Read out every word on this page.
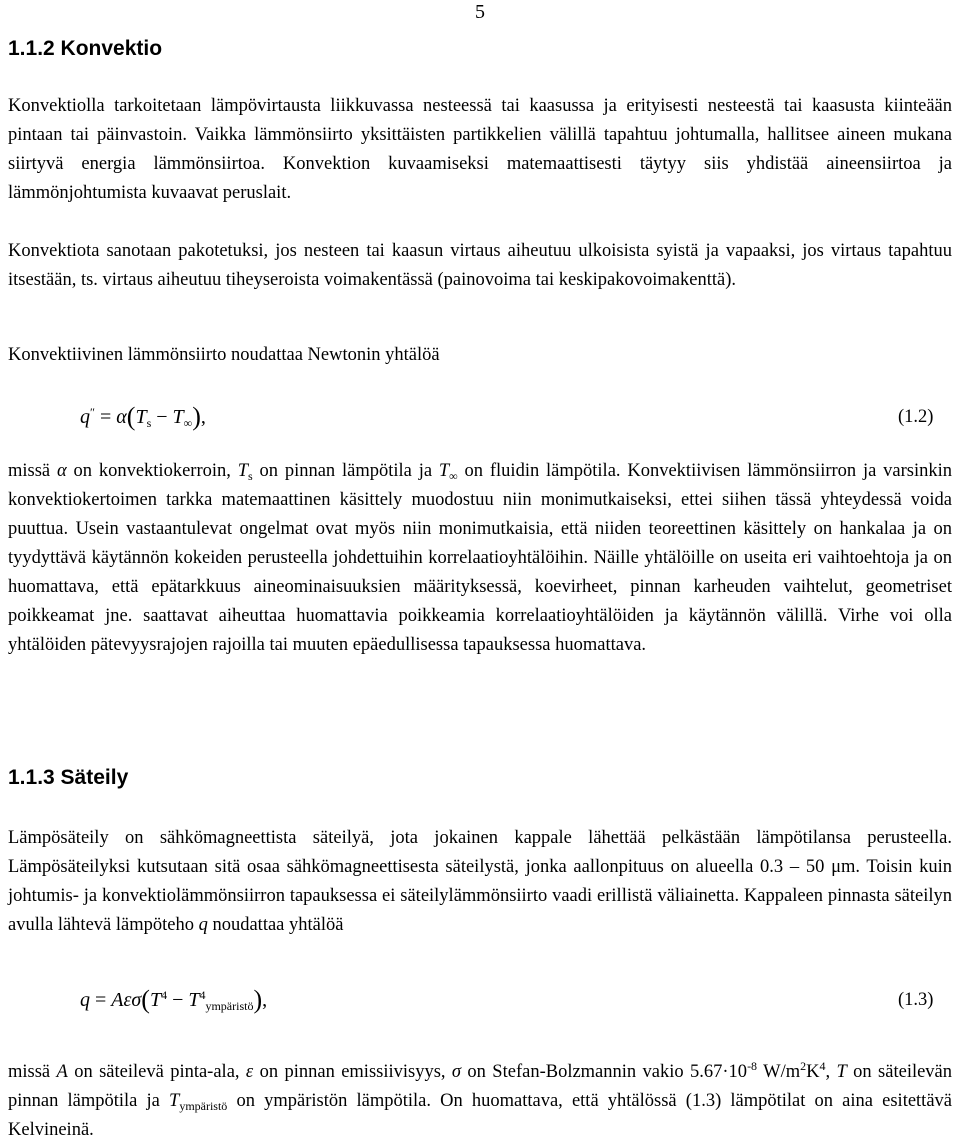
5
1.1.2 Konvektio

Konvektiolla tarkoitetaan lämpövirtausta liikkuvassa nesteessä tai kaasussa ja erityisesti nesteestä tai kaasusta kiinteään pintaan tai päinvastoin. Vaikka lämmönsiirto yksittäisten partikkelien välillä tapahtuu johtumalla, hallitsee aineen mukana siirtyvä energia lämmönsiirtoa. Konvektion kuvaamiseksi matemaattisesti täytyy siis yhdistää aineensiirtoa ja lämmönjohtumista kuvaavat peruslait.

Konvektiota sanotaan pakotetuksi, jos nesteen tai kaasun virtaus aiheutuu ulkoisista syistä ja vapaaksi, jos virtaus tapahtuu itsestään, ts. virtaus aiheutuu tiheyseroista voimakentässä (painovoima tai keskipakovoimakenttä).

Konvektiivinen lämmönsiirto noudattaa Newtonin yhtälöä

$q'' = \alpha(T_s - T_\infty)$,	(1.2)

missä α on konvektiokerroin, $T_s$ on pinnan lämpötila ja $T_\infty$ on fluidin lämpötila. Konvektiivisen lämmönsiirron ja varsinkin konvektiokertoimen tarkka matemaattinen käsittely muodostuu niin monimutkaiseksi, ettei siihen tässä yhteydessä voida puuttua. Usein vastaantulevat ongelmat ovat myös niin monimutkaisia, että niiden teoreettinen käsittely on hankalaa ja on tyydyttävä käytännön kokeiden perusteella johdettuihin korrelaatioyhtälöihin. Näille yhtälöille on useita eri vaihtoehtoja ja on huomattava, että epätarkkuus aineominaisuuksien määrityksessä, koevirheet, pinnan karheuden vaihtelut, geometriset poikkeamat jne. saattavat aiheuttaa huomattavia poikkeamia korrelaatioyhtälöiden ja käytännön välillä. Virhe voi olla yhtälöiden pätevyysrajojen rajoilla tai muuten epäedullisessa tapauksessa huomattava.

1.1.3 Säteily

Lämpösäteily on sähkömagneettista säteilyä, jota jokainen kappale lähettää pelkästään lämpötilansa perusteella. Lämpösäteilyksi kutsutaan sitä osaa sähkömagneettisesta säteilystä, jonka aallonpituus on alueella 0.3 – 50 μm. Toisin kuin johtumis- ja konvektiolämmönsiirron tapauksessa ei säteilylämmönsiirto vaadi erillistä väliainetta. Kappaleen pinnasta säteilyn avulla lähtevä lämpöteho q noudattaa yhtälöä

$q = A\varepsilon\sigma(T^4 - T^4_{ympäristö})$,	(1.3)

missä A on säteilevä pinta-ala, ε on pinnan emissiivisyys, σ on Stefan-Bolzmannin vakio $5.67\cdot 10^{-8}$ $W/m^2K^4$, T on säteilevän pinnan lämpötila ja $T_{ympäristö}$ on ympäristön lämpötila. On huomattava, että yhtälössä (1.3) lämpötilat on aina esitettävä Kelvineinä.
